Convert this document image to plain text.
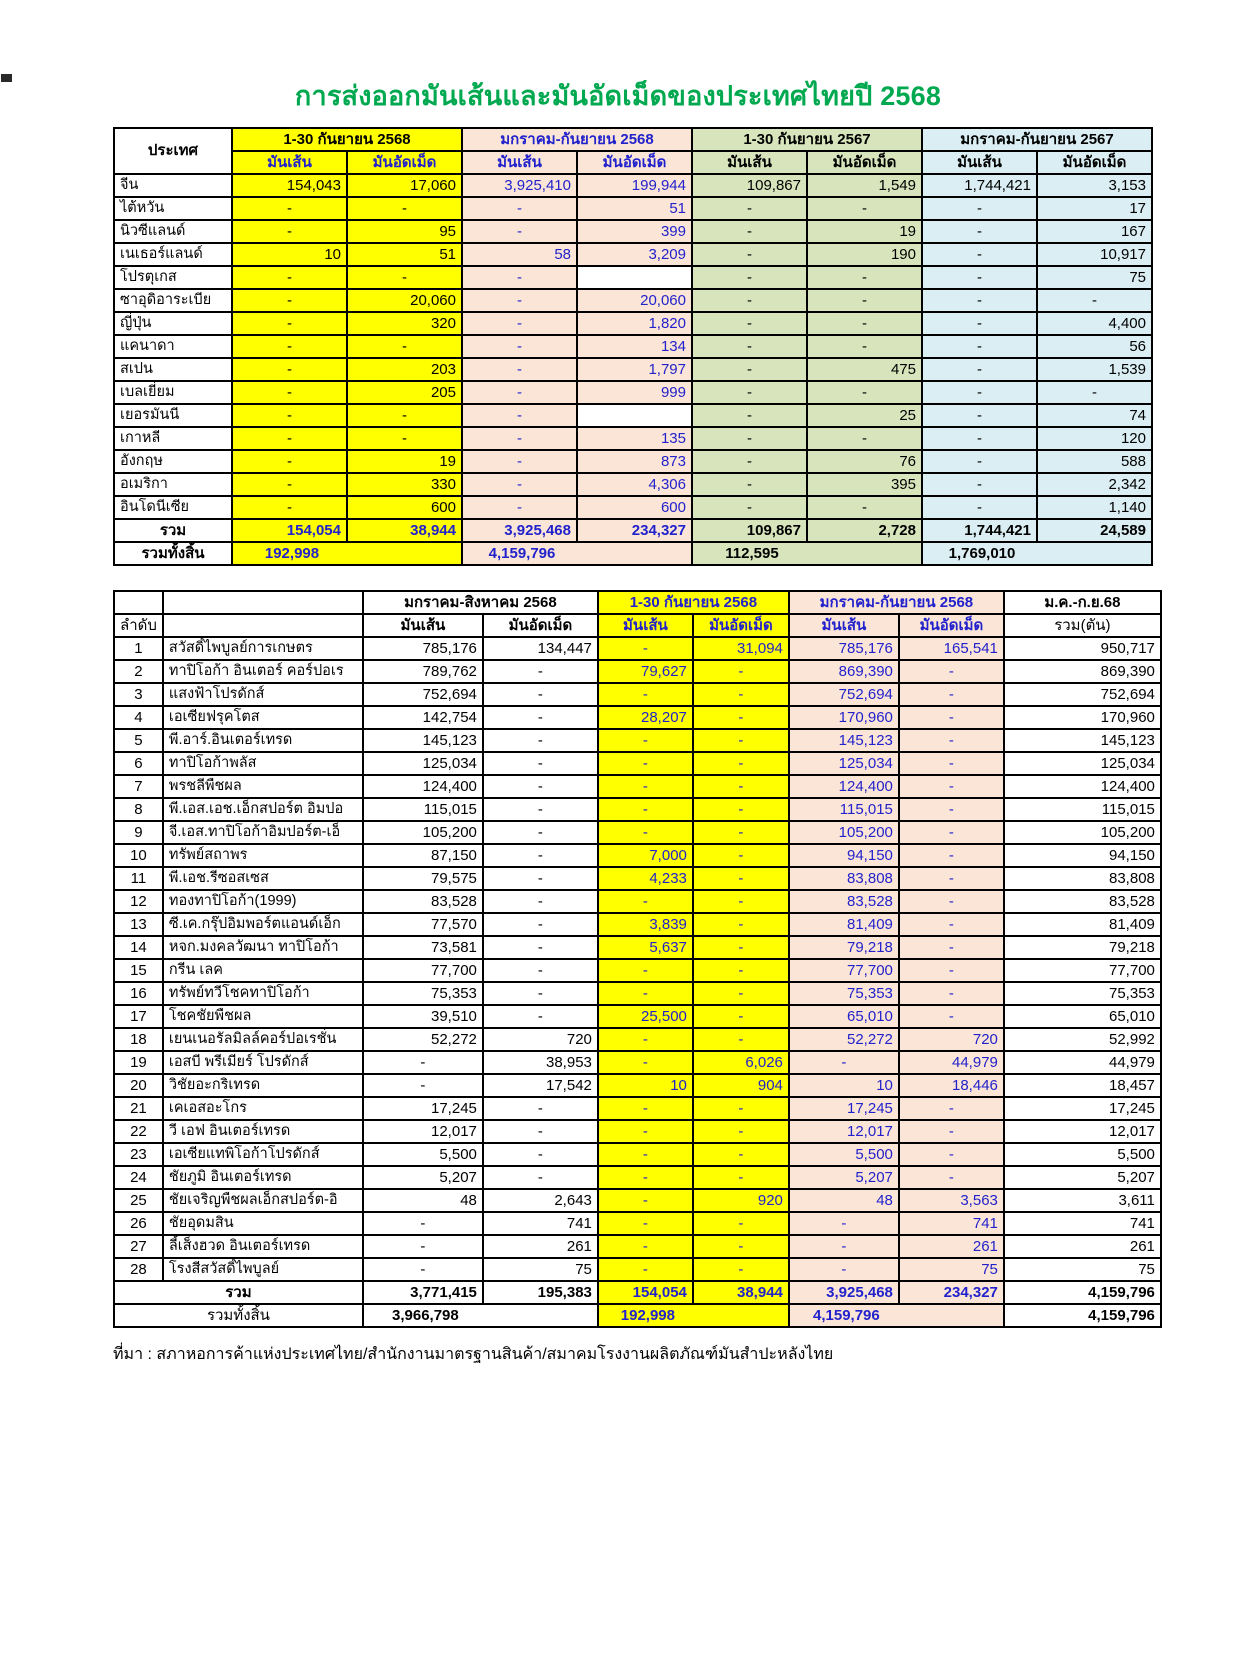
การส่งออกมันเส้นและมันอัดเม็ดของประเทศไทยปี 2568
ประเทศ	1-30 กันยายน 2568		มกราคม-กันยายน 2568		1-30 กันยายน 2567		มกราคม-กันยายน 2567	
	มันเส้น	มันอัดเม็ด	มันเส้น	มันอัดเม็ด	มันเส้น	มันอัดเม็ด	มันเส้น	มันอัดเม็ด
จีน	154,043	17,060	3,925,410	199,944	109,867	1,549	1,744,421	3,153
ไต้หวัน	-	-	-	51	-	-	-	17
นิวซีแลนด์	-	95	-	399	-	19	-	167
เนเธอร์แลนด์	10	51	58	3,209	-	190	-	10,917
โปรตุเกส	-	-	-		-	-	-	75
ซาอุดิอาระเบีย	-	20,060	-	20,060	-	-	-	-
ญี่ปุ่น	-	320	-	1,820	-	-	-	4,400
แคนาดา	-	-	-	134	-	-	-	56
สเปน	-	203	-	1,797	-	475	-	1,539
เบลเยี่ยม	-	205	-	999	-	-	-	-
เยอรมันนี	-	-	-		-	25	-	74
เกาหลี	-	-	-	135	-	-	-	120
อังกฤษ	-	19	-	873	-	76	-	588
อเมริกา	-	330	-	4,306	-	395	-	2,342
อินโดนีเซีย	-	600	-	600	-	-	-	1,140
รวม	154,054	38,944	3,925,468	234,327	109,867	2,728	1,744,421	24,589
รวมทั้งสิ้น	192,998		4,159,796		112,595		1,769,010	
		มกราคม-สิงหาคม 2568		1-30 กันยายน 2568		มกราคม-กันยายน 2568		ม.ค.-ก.ย.68
ลำดับ		มันเส้น	มันอัดเม็ด	มันเส้น	มันอัดเม็ด	มันเส้น	มันอัดเม็ด	รวม(ตัน)
1	สวัสดิ์ไพบูลย์การเกษตร	785,176	134,447	-	31,094	785,176	165,541	950,717
2	ทาปิโอก้า อินเตอร์ คอร์ปอเร	789,762	-	79,627	-	869,390	-	869,390
3	แสงฟ้าโปรดักส์	752,694	-	-	-	752,694	-	752,694
4	เอเซียฟรุคโตส	142,754	-	28,207	-	170,960	-	170,960
5	พี.อาร์.อินเตอร์เทรด	145,123	-	-	-	145,123	-	145,123
6	ทาปิโอก้าพลัส	125,034	-	-	-	125,034	-	125,034
7	พรชลีพืชผล	124,400	-	-	-	124,400	-	124,400
8	พี.เอส.เอช.เอ็กสปอร์ต อิมปอ	115,015	-	-	-	115,015	-	115,015
9	จี.เอส.ทาปิโอก้าอิมปอร์ต-เอ็	105,200	-	-	-	105,200	-	105,200
10	ทรัพย์สถาพร	87,150	-	7,000	-	94,150	-	94,150
11	พี.เอช.รีซอสเซส	79,575	-	4,233	-	83,808	-	83,808
12	ทองทาปิโอก้า(1999)	83,528	-	-	-	83,528	-	83,528
13	ซี.เค.กรุ๊ปอิมพอร์ตแอนด์เอ็ก	77,570	-	3,839	-	81,409	-	81,409
14	หจก.มงคลวัฒนา ทาปิโอก้า	73,581	-	5,637	-	79,218	-	79,218
15	กรีน เลค	77,700	-	-	-	77,700	-	77,700
16	ทรัพย์ทวีโชคทาปิโอก้า	75,353	-	-	-	75,353	-	75,353
17	โชคชัยพืชผล	39,510	-	25,500	-	65,010	-	65,010
18	เยนเนอรัลมิลล์คอร์ปอเรชั่น	52,272	720	-	-	52,272	720	52,992
19	เอสบี พรีเมียร์ โปรดักส์	-	38,953	-	6,026	-	44,979	44,979
20	วิชัยอะกริเทรด	-	17,542	10	904	10	18,446	18,457
21	เคเอสอะโกร	17,245	-	-	-	17,245	-	17,245
22	วี เอฟ อินเตอร์เทรด	12,017	-	-	-	12,017	-	12,017
23	เอเซียแทพิโอก้าโปรดักส์	5,500	-	-	-	5,500	-	5,500
24	ชัยภูมิ อินเตอร์เทรด	5,207	-	-	-	5,207	-	5,207
25	ชัยเจริญพืชผลเอ็กสปอร์ต-อิ	48	2,643	-	920	48	3,563	3,611
26	ชัยอุดมสิน	-	741	-	-	-	741	741
27	ลี้เส็งฮวด อินเตอร์เทรด	-	261	-	-	-	261	261
28	โรงสีสวัสดิ์ไพบูลย์	-	75	-	-	-	75	75
รวม		3,771,415	195,383	154,054	38,944	3,925,468	234,327	4,159,796
รวมทั้งสิ้น		3,966,798		192,998		4,159,796		4,159,796
ที่มา : สภาหอการค้าแห่งประเทศไทย/สำนักงานมาตรฐานสินค้า/สมาคมโรงงานผลิตภัณฑ์มันสำปะหลังไทย
